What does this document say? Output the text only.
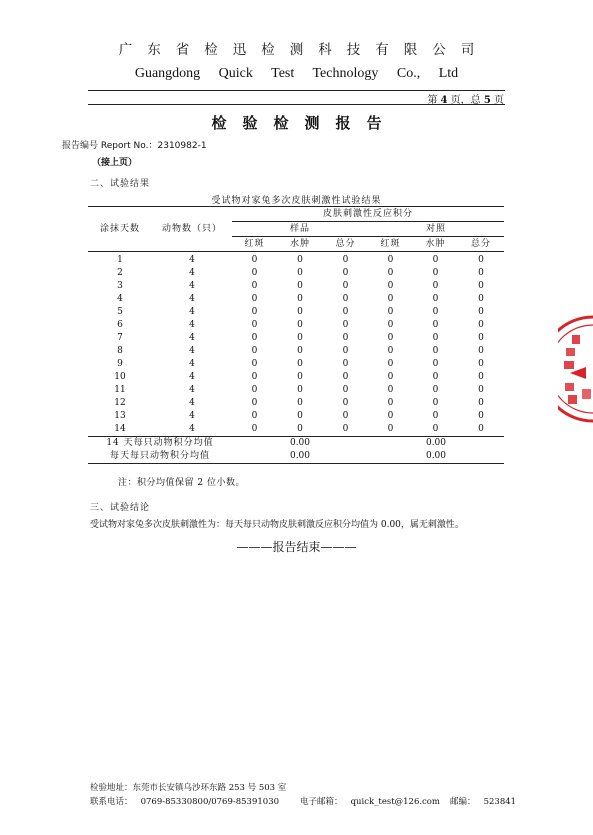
广东省检迅检测科技有限公司
Guangdong Quick Test Technology Co., Ltd
第 4 页，总 5 页
检验检测报告
报告编号 Report No.：2310982-1
（接上页）
二、试验结果
受试物对家兔多次皮肤刺激性试验结果
涂抹天数	动物数（只）	皮肤刺激性反应积分					
		样品			对照		
		红斑	水肿	总分	红斑	水肿	总分
1	4	0	0	0	0	0	0
2	4	0	0	0	0	0	0
3	4	0	0	0	0	0	0
4	4	0	0	0	0	0	0
5	4	0	0	0	0	0	0
6	4	0	0	0	0	0	0
7	4	0	0	0	0	0	0
8	4	0	0	0	0	0	0
9	4	0	0	0	0	0	0
10	4	0	0	0	0	0	0
11	4	0	0	0	0	0	0
12	4	0	0	0	0	0	0
13	4	0	0	0	0	0	0
14	4	0	0	0	0	0	0
14 天每只动物积分均值		0.00			0.00		
每天每只动物积分均值		0.00			0.00		
注：积分均值保留 2 位小数。
三、试验结论
受试物对家兔多次皮肤刺激性为：每天每只动物皮肤刺激反应积分均值为 0.00，属无刺激性。
———报告结束———
检验地址：东莞市长安镇乌沙环东路 253 号 503 室
联系电话：   0769-85330800/0769-85391030 电子邮箱：   quick_test@126.com 邮编：   523841
